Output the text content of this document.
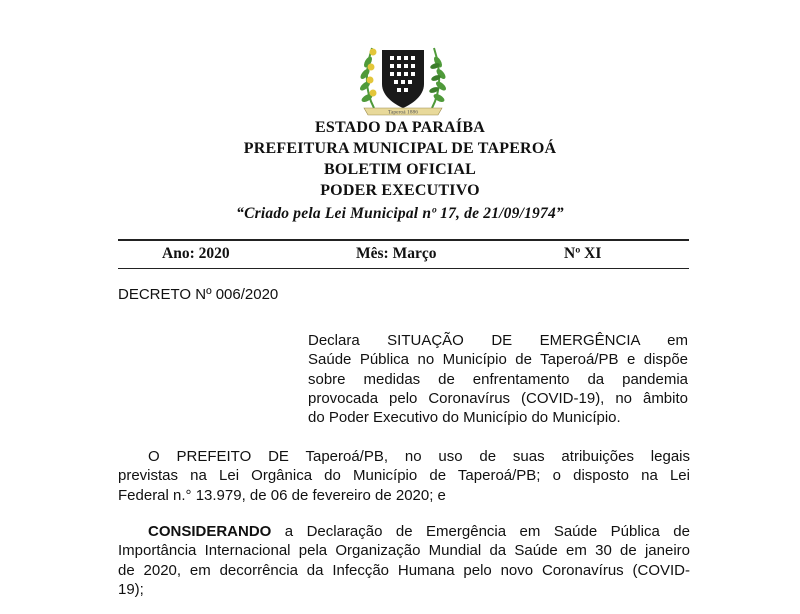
Taperoá 1886
ESTADO DA PARAÍBA
PREFEITURA MUNICIPAL DE TAPEROÁ
BOLETIM OFICIAL
PODER EXECUTIVO
“Criado pela Lei Municipal nº 17, de 21/09/1974”
Ano: 2020	Mês: Março	Nº XI
DECRETO Nº 006/2020
Declara SITUAÇÃO DE EMERGÊNCIA em
Saúde Pública no Município de Taperoá/PB e dispõe
sobre medidas de enfrentamento da pandemia
provocada pelo Coronavírus (COVID-19), no âmbito
do Poder Executivo do Município do Município.
O PREFEITO DE Taperoá/PB, no uso de suas atribuições legais
previstas na Lei Orgânica do Município de Taperoá/PB; o disposto na Lei
Federal n.° 13.979, de 06 de fevereiro de 2020; e
CONSIDERANDO a Declaração de Emergência em Saúde Pública de
Importância Internacional pela Organização Mundial da Saúde em 30 de janeiro
de 2020, em decorrência da Infecção Humana pelo novo Coronavírus (COVID-
19);
